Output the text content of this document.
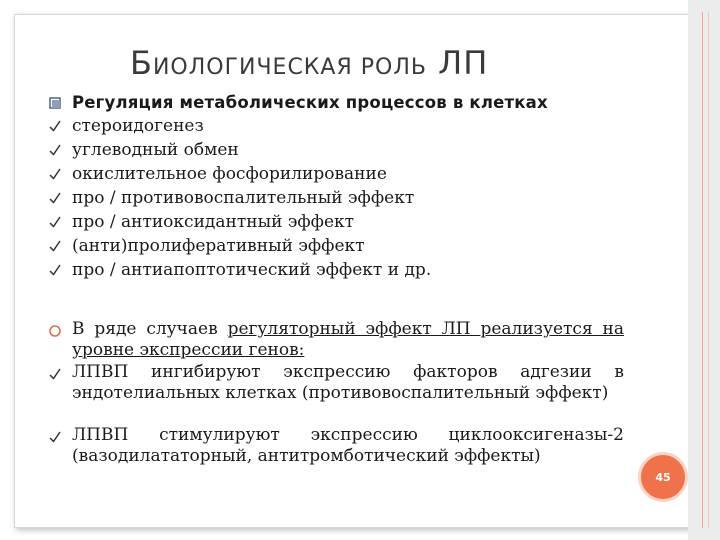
БИОЛОГИЧЕСКАЯ РОЛЬ ЛП
Регуляция метаболических процессов в клетках
стероидогенез
углеводный обмен
окислительное фосфорилирование
про / противовоспалительный эффект
про / антиоксидантный эффект
(анти)пролиферативный эффект
про / антиапоптотический эффект и др.
В ряде случаев регуляторный эффект ЛП реализуется на уровне экспрессии генов:
ЛПВП ингибируют экспрессию факторов адгезии в эндотелиальных клетках (противовоспалительный эффект)
ЛПВП стимулируют экспрессию циклооксигеназы-2 (вазодилататорный, антитромботический эффекты)
45
